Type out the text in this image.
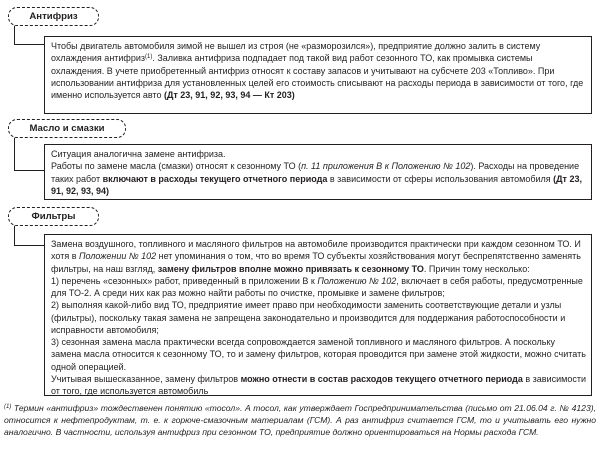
Антифриз

Чтобы двигатель автомобиля зимой не вышел из строя (не «разморозился»), предприятие должно залить в систему охлаждения антифриз$^{(1)}$. Заливка антифриза подпадает под такой вид работ сезонного ТО, как промывка системы охлаждения. В учете приобретенный антифриз относят к составу запасов и учитывают на субсчете 203 «Топливо». При использовании антифриза для установленных целей его стоимость списывают на расходы периода в зависимости от того, где именно используется авто (Дт 23, 91, 92, 93, 94 — Кт 203)

Масло и смазки

Ситуация аналогична замене антифриза.

Работы по замене масла (смазки) относят к сезонному ТО (п. 11 приложения В к Положению № 102). Расходы на проведение таких работ включают в расходы текущего отчетного периода в зависимости от сферы использования автомобиля (Дт 23, 91, 92, 93, 94)

Фильтры

Замена воздушного, топливного и масляного фильтров на автомобиле производится практически при каждом сезонном ТО. И хотя в Положении № 102 нет упоминания о том, что во время ТО субъекты хозяйствования могут беспрепятственно заменять фильтры, на наш взгляд, замену фильтров вполне можно привязать к сезонному ТО. Причин тому несколько:

1) перечень «сезонных» работ, приведенный в приложении В к Положению № 102, включает в себя работы, предусмотренные для ТО-2. А среди них как раз можно найти работы по очистке, промывке и замене фильтров;

2) выполняя какой-либо вид ТО, предприятие имеет право при необходимости заменить соответствующие детали и узлы (фильтры), поскольку такая замена не запрещена законодательно и производится для поддержания работоспособности и исправности автомобиля;

3) сезонная замена масла практически всегда сопровождается заменой топливного и масляного фильтров. А поскольку замена масла относится к сезонному ТО, то и замену фильтров, которая проводится при замене этой жидкости, можно считать одной операцией.

Учитывая вышесказанное, замену фильтров можно отнести в состав расходов текущего отчетного периода в зависимости от того, где используется автомобиль

$^{(1)}$ Термин «антифриз» тождественен понятию «тосол». А тосол, как утверждает Госпредпринимательства (письмо от 21.06.04 г. № 4123), относится к нефтепродуктам, т. е. к горюче-смазочным материалам (ГСМ). А раз антифриз считается ГСМ, то и учитывать его нужно аналогично. В частности, используя антифриз при сезонном ТО, предприятие должно ориентироваться на Нормы расхода ГСМ.
